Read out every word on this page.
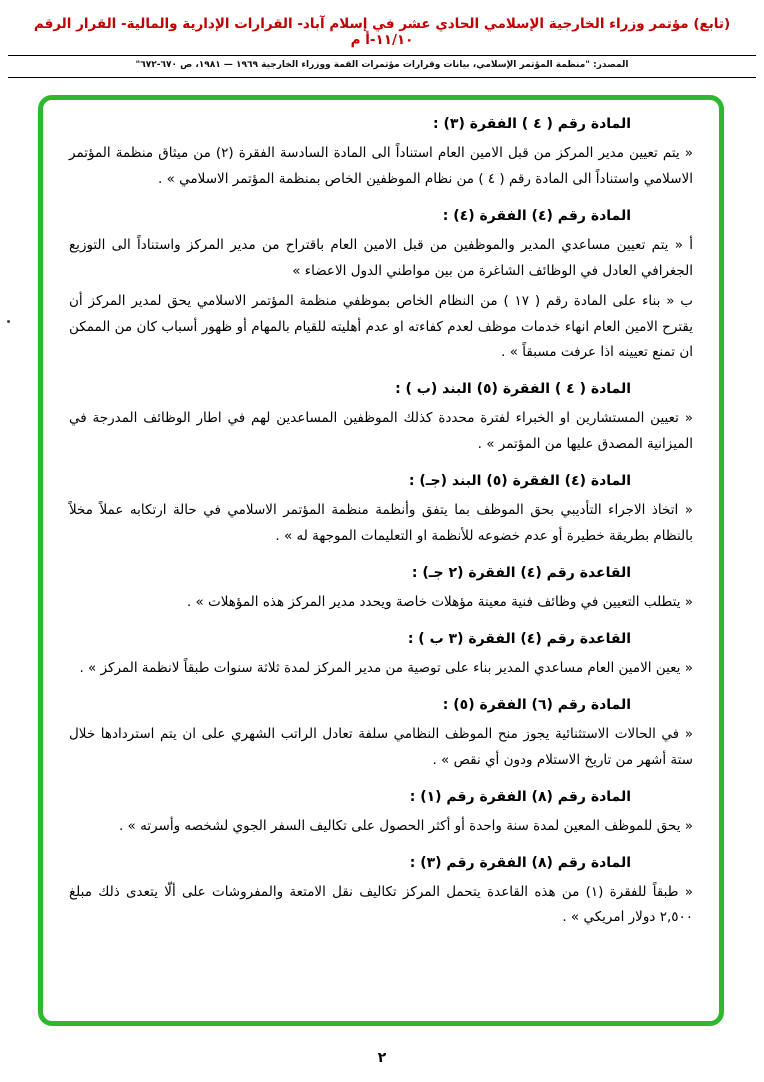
(تابع) مؤتمر وزراء الخارجية الإسلامي الحادي عشر في إسلام آباد- القرارات الإدارية والمالية- القرار الرقم ١١/١٠-أ م
المصدر: "منظمة المؤتمر الإسلامي، بيانات وقرارات مؤتمرات القمة ووزراء الخارجية ١٩٦٩ — ١٩٨١، ص ٦٧٠-٦٧٢"
المادة رقم ( ٤ ) الفقرة (٣) :

« يتم تعيين مدير المركز من قبل الامين العام استناداً الى المادة السادسة الفقرة (٢) من ميثاق منظمة المؤتمر الاسلامي واستناداً الى المادة رقم ( ٤ ) من نظام الموظفين الخاص بمنظمة المؤتمر الاسلامي » .

المادة رقم (٤) الفقرة (٤) :

أ « يتم تعيين مساعدي المدير والموظفين من قبل الامين العام باقتراح من مدير المركز واستناداً الى التوزيع الجغرافي العادل في الوظائف الشاغرة من بين مواطني الدول الاعضاء »

ب « بناء على المادة رقم ( ١٧ ) من النظام الخاص بموظفي منظمة المؤتمر الاسلامي يحق لمدير المركز أن يقترح الامين العام انهاء خدمات موظف لعدم كفاءته او عدم أهليته للقيام بالمهام أو ظهور أسباب كان من الممكن ان تمنع تعيينه اذا عرفت مسبقاً » .

المادة ( ٤ ) الفقرة (٥) البند (ب ) :

« تعيين المستشارين او الخبراء لفترة محددة كذلك الموظفين المساعدين لهم في اطار الوظائف المدرجة في الميزانية المصدق عليها من المؤتمر » .

المادة (٤) الفقرة (٥) البند (جـ) :

« اتخاذ الاجراء التأديبي بحق الموظف بما يتفق وأنظمة منظمة المؤتمر الاسلامي في حالة ارتكابه عملاً مخلاً بالنظام بطريقة خطيرة أو عدم خضوعه للأنظمة او التعليمات الموجهة له » .

القاعدة رقم (٤) الفقرة (٢ جـ) :

« يتطلب التعيين في وظائف فنية معينة مؤهلات خاصة ويحدد مدير المركز هذه المؤهلات » .

القاعدة رقم (٤) الفقرة (٣ ب ) :

« يعين الامين العام مساعدي المدير بناء على توصية من مدير المركز لمدة ثلاثة سنوات طبقاً لانظمة المركز » .

المادة رقم (٦) الفقرة (٥) :

« في الحالات الاستثنائية يجوز منح الموظف النظامي سلفة تعادل الراتب الشهري على ان يتم استردادها خلال ستة أشهر من تاريخ الاستلام ودون أي نقص » .

المادة رقم (٨) الفقرة رقم (١) :

« يحق للموظف المعين لمدة سنة واحدة أو أكثر الحصول على تكاليف السفر الجوي لشخصه وأسرته » .

المادة رقم (٨) الفقرة رقم (٣) :

« طبقاً للفقرة (١) من هذه القاعدة يتحمل المركز تكاليف نقل الامتعة والمفروشات على ألّا يتعدى ذلك مبلغ ٢,٥٠٠ دولار امريكي » .

٢
